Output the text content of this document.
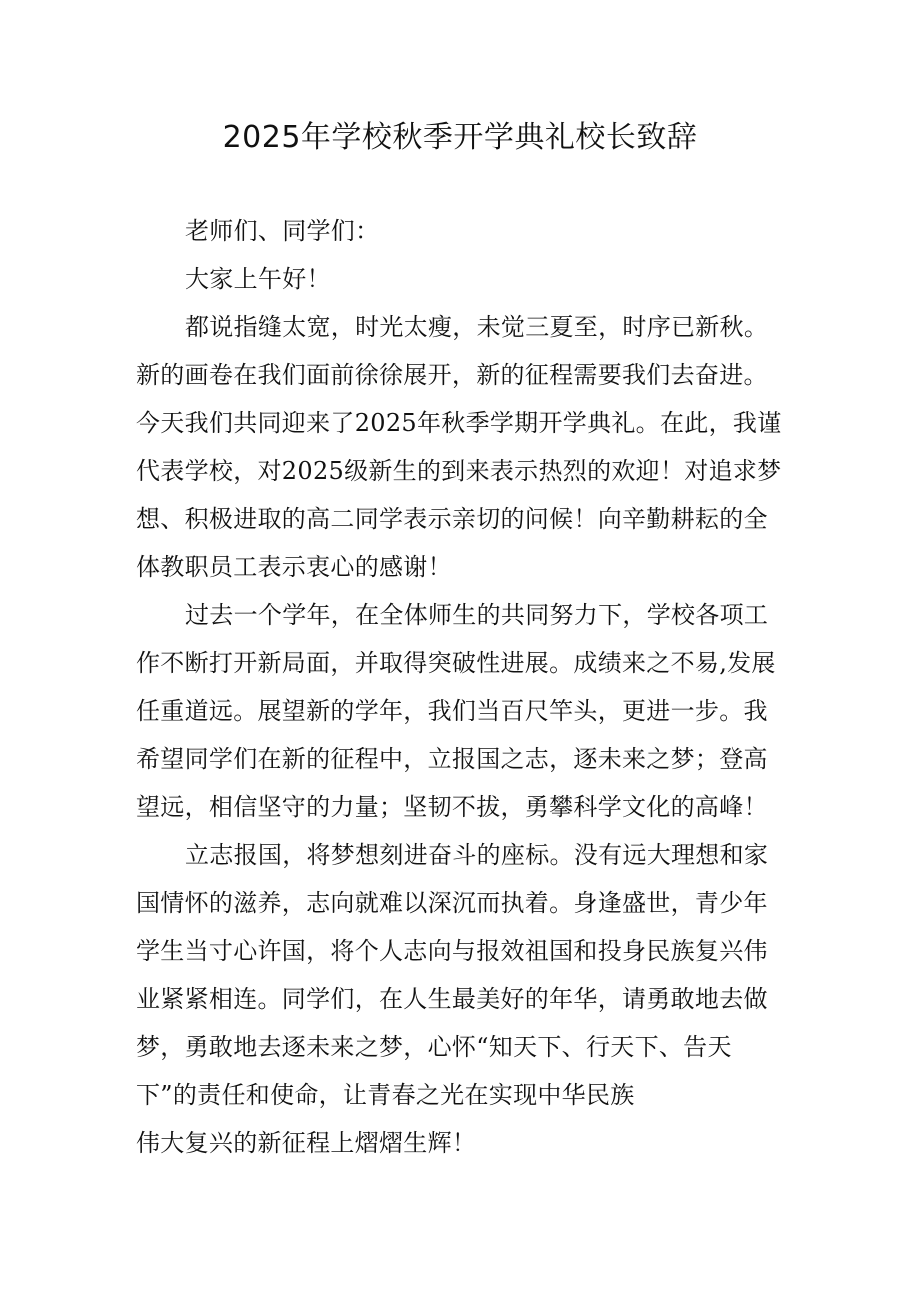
2025年学校秋季开学典礼校长致辞

老师们、同学们：

大家上午好！

都说指缝太宽，时光太瘦，未觉三夏至，时序已新秋。

新的画卷在我们面前徐徐展开，新的征程需要我们去奋进。

今天我们共同迎来了2025年秋季学期开学典礼。在此，我谨

代表学校，对2025级新生的到来表示热烈的欢迎！对追求梦

想、积极进取的高二同学表示亲切的问候！向辛勤耕耘的全

体教职员工表示衷心的感谢！

过去一个学年，在全体师生的共同努力下，学校各项工

作不断打开新局面，并取得突破性进展。成绩来之不易,发展

任重道远。展望新的学年，我们当百尺竿头，更进一步。我

希望同学们在新的征程中，立报国之志，逐未来之梦；登高

望远，相信坚守的力量；坚韧不拔，勇攀科学文化的高峰！

立志报国，将梦想刻进奋斗的座标。没有远大理想和家

国情怀的滋养，志向就难以深沉而执着。身逢盛世，青少年

学生当寸心许国，将个人志向与报效祖国和投身民族复兴伟

业紧紧相连。同学们，在人生最美好的年华，请勇敢地去做

梦，勇敢地去逐未来之梦，心怀“知天下、行天下、告天

下”的责任和使命，让青春之光在实现中华民族

伟大复兴的新征程上熠熠生辉！
